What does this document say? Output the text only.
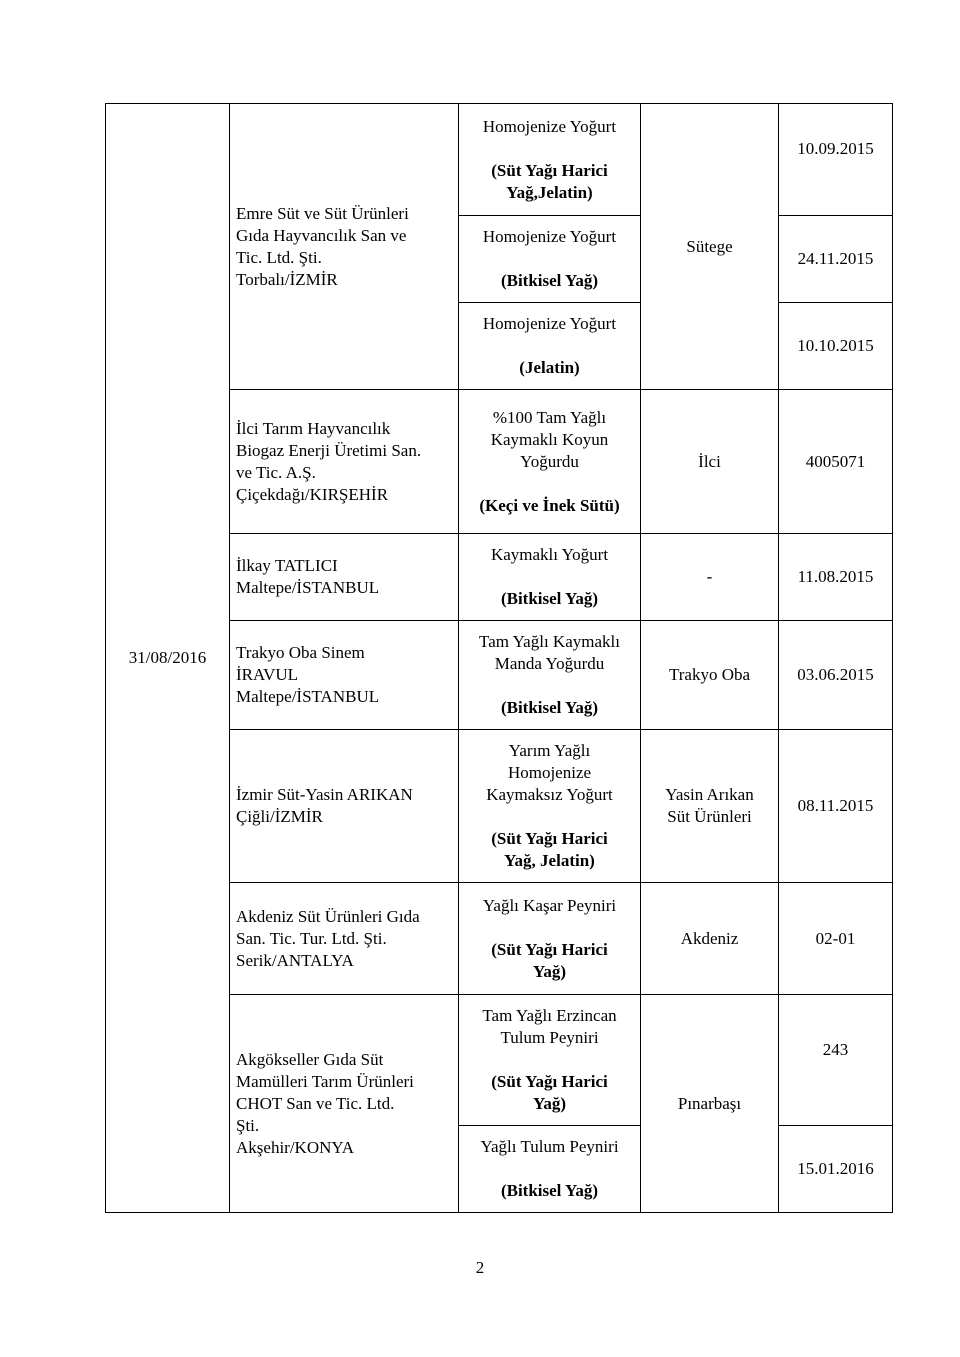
31/08/2016	Emre Süt ve Süt Ürünleri
Gıda Hayvancılık San ve
Tic. Ltd. Şti.
Torbalı/İZMİR	Homojenize Yoğurt
(Süt Yağı Harici
Yağ,Jelatin)	Sütege	10.09.2015

		Homojenize Yoğurt
(Bitkisel Yağ)		24.11.2015

		Homojenize Yoğurt
(Jelatin)		10.10.2015

	İlci Tarım Hayvancılık
Biogaz Enerji Üretimi San.
ve Tic. A.Ş.
Çiçekdağı/KIRŞEHİR	%100 Tam Yağlı
Kaymaklı Koyun
Yoğurdu
(Keçi ve İnek Sütü)	İlci	4005071

	İlkay TATLICI
Maltepe/İSTANBUL	Kaymaklı Yoğurt
(Bitkisel Yağ)	-	11.08.2015

	Trakyo Oba Sinem
İRAVUL
Maltepe/İSTANBUL	Tam Yağlı Kaymaklı
Manda Yoğurdu
(Bitkisel Yağ)	Trakyo Oba	03.06.2015

	İzmir Süt-Yasin ARIKAN
Çiğli/İZMİR	Yarım Yağlı
Homojenize
Kaymaksız Yoğurt
(Süt Yağı Harici
Yağ, Jelatin)	Yasin Arıkan
Süt Ürünleri	08.11.2015

	Akdeniz Süt Ürünleri Gıda
San. Tic. Tur. Ltd. Şti.
Serik/ANTALYA	Yağlı Kaşar Peyniri
(Süt Yağı Harici
Yağ)	Akdeniz	02-01

	Akgökseller Gıda Süt
Mamülleri Tarım Ürünleri
CHOT San ve Tic. Ltd.
Şti.
Akşehir/KONYA	Tam Yağlı Erzincan
Tulum Peyniri
(Süt Yağı Harici
Yağ)	Pınarbaşı	243

		Yağlı Tulum Peyniri
(Bitkisel Yağ)		15.01.2016
2
